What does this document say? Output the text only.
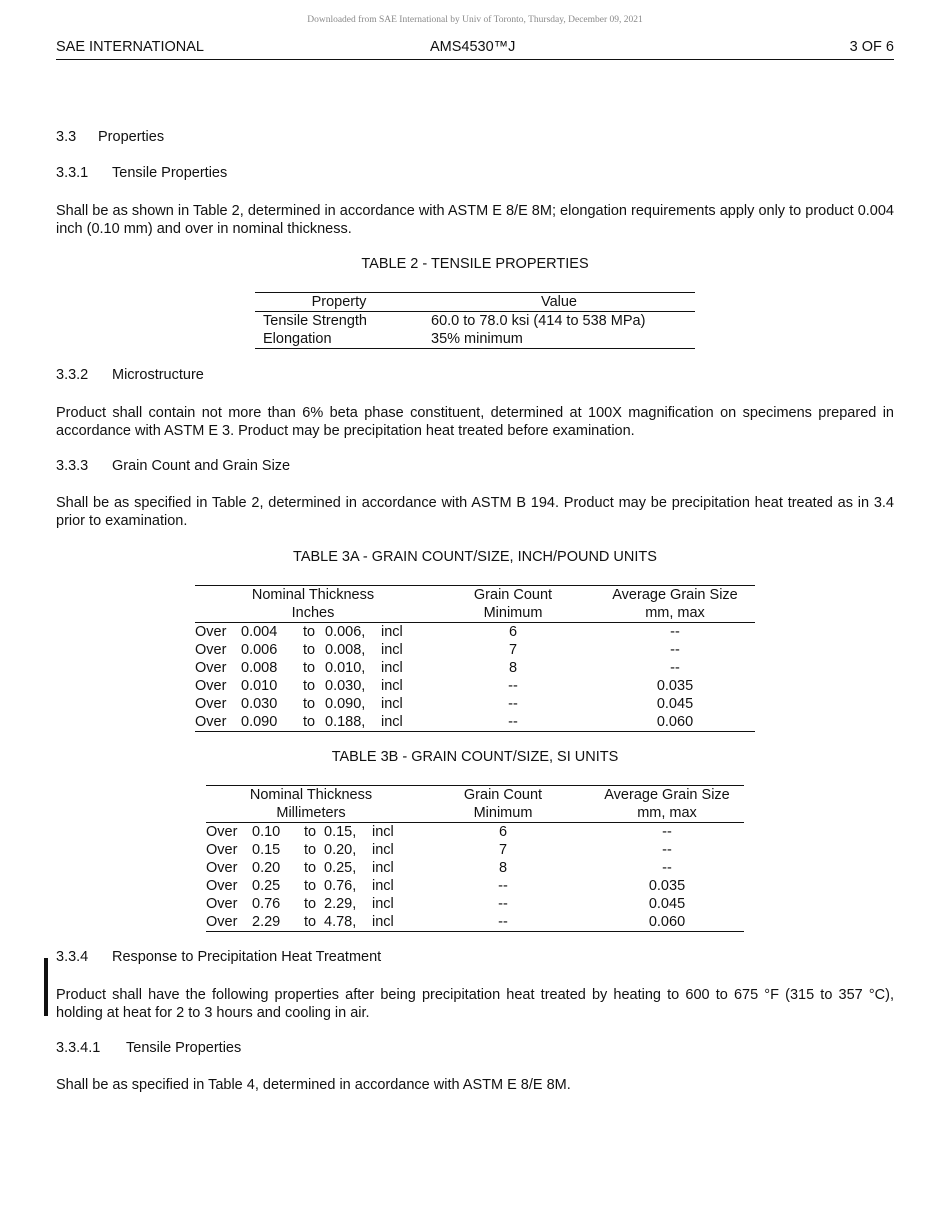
Downloaded from SAE International by Univ of Toronto, Thursday, December 09, 2021
SAE INTERNATIONAL	AMS4530™J	3 OF 6
3.3 Properties
3.3.1 Tensile Properties
Shall be as shown in Table 2, determined in accordance with ASTM E 8/E 8M; elongation requirements apply only to product 0.004 inch (0.10 mm) and over in nominal thickness.
TABLE 2 - TENSILE PROPERTIES
Property	Value
Tensile Strength	60.0 to 78.0 ksi (414 to 538 MPa)
Elongation	35% minimum
3.3.2 Microstructure
Product shall contain not more than 6% beta phase constituent, determined at 100X magnification on specimens prepared in accordance with ASTM E 3. Product may be precipitation heat treated before examination.
3.3.3 Grain Count and Grain Size
Shall be as specified in Table 2, determined in accordance with ASTM B 194. Product may be precipitation heat treated as in 3.4 prior to examination.
TABLE 3A - GRAIN COUNT/SIZE, INCH/POUND UNITS
Nominal Thickness					Grain Count	Average Grain Size
Inches					Minimum	mm, max
Over	0.004	to	0.006,	incl	6	--
Over	0.006	to	0.008,	incl	7	--
Over	0.008	to	0.010,	incl	8	--
Over	0.010	to	0.030,	incl	--	0.035
Over	0.030	to	0.090,	incl	--	0.045
Over	0.090	to	0.188,	incl	--	0.060
TABLE 3B - GRAIN COUNT/SIZE, SI UNITS
Nominal Thickness					Grain Count	Average Grain Size
Millimeters					Minimum	mm, max
Over	0.10	to	0.15,	incl	6	--
Over	0.15	to	0.20,	incl	7	--
Over	0.20	to	0.25,	incl	8	--
Over	0.25	to	0.76,	incl	--	0.035
Over	0.76	to	2.29,	incl	--	0.045
Over	2.29	to	4.78,	incl	--	0.060
3.3.4 Response to Precipitation Heat Treatment
Product shall have the following properties after being precipitation heat treated by heating to 600 to 675 °F (315 to 357 °C), holding at heat for 2 to 3 hours and cooling in air.
3.3.4.1 Tensile Properties
Shall be as specified in Table 4, determined in accordance with ASTM E 8/E 8M.
